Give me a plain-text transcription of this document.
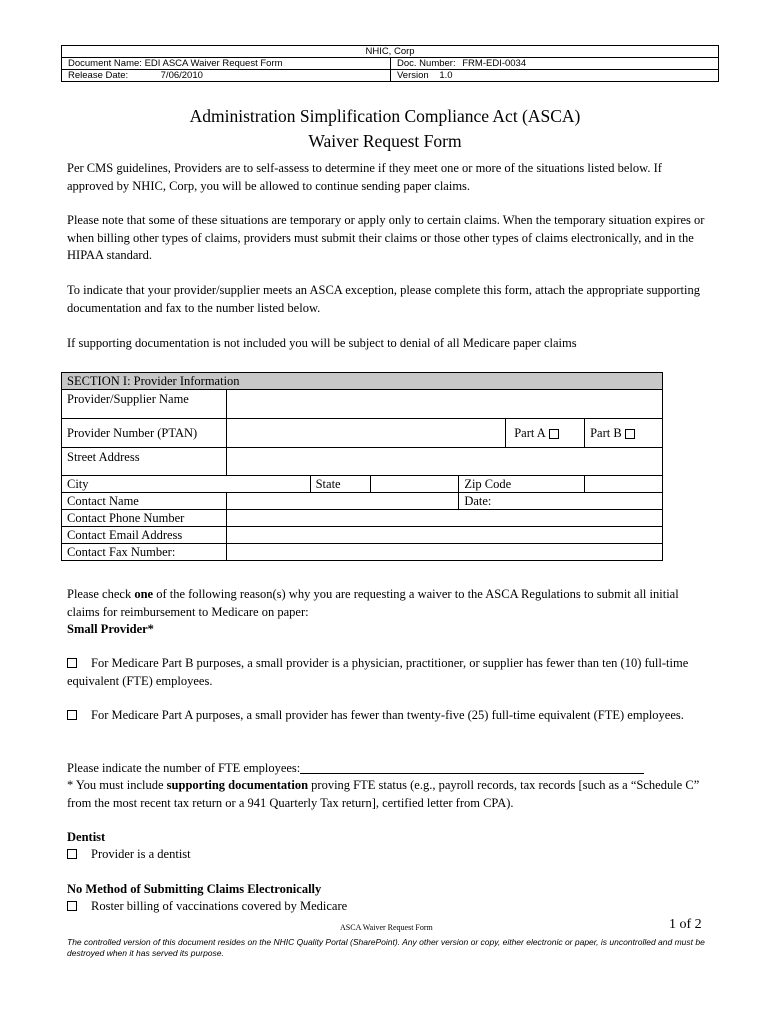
NHIC, Corp	
Document Name: EDI ASCA Waiver Request Form	Doc. Number: FRM-EDI-0034
Release Date: 7/06/2010	Version 1.0
Administration Simplification Compliance Act (ASCA)
Waiver Request Form

Per CMS guidelines, Providers are to self-assess to determine if they meet one or more of the situations listed below. If approved by NHIC, Corp, you will be allowed to continue sending paper claims.

Please note that some of these situations are temporary or apply only to certain claims. When the temporary situation expires or when billing other types of claims, providers must submit their claims or those other types of claims electronically, and in the HIPAA standard.

To indicate that your provider/supplier meets an ASCA exception, please complete this form, attach the appropriate supporting documentation and fax to the number listed below.

If supporting documentation is not included you will be subject to denial of all Medicare paper claims

SECTION I: Provider Information						
Provider/Supplier Name						
Provider Number (PTAN)					Part A	Part B
Street Address						
City		State		Zip Code		
Contact Name				Date:		
Contact Phone Number						
Contact Email Address						
Contact Fax Number:						

Please check one of the following reason(s) why you are requesting a waiver to the ASCA Regulations to submit all initial claims for reimbursement to Medicare on paper:

Small Provider*

For Medicare Part B purposes, a small provider is a physician, practitioner, or supplier has fewer than ten (10) full-time equivalent (FTE) employees.

For Medicare Part A purposes, a small provider has fewer than twenty-five (25) full-time equivalent (FTE) employees.

Please indicate the number of FTE employees:

* You must include supporting documentation proving FTE status (e.g., payroll records, tax records [such as a “Schedule C” from the most recent tax return or a 941 Quarterly Tax return], certified letter from CPA).

Dentist

Provider is a dentist

No Method of Submitting Claims Electronically

Roster billing of vaccinations covered by Medicare

ASCA Waiver Request Form	1 of 2

The controlled version of this document resides on the NHIC Quality Portal (SharePoint). Any other version or copy, either electronic or paper, is uncontrolled and must be destroyed when it has served its purpose.
